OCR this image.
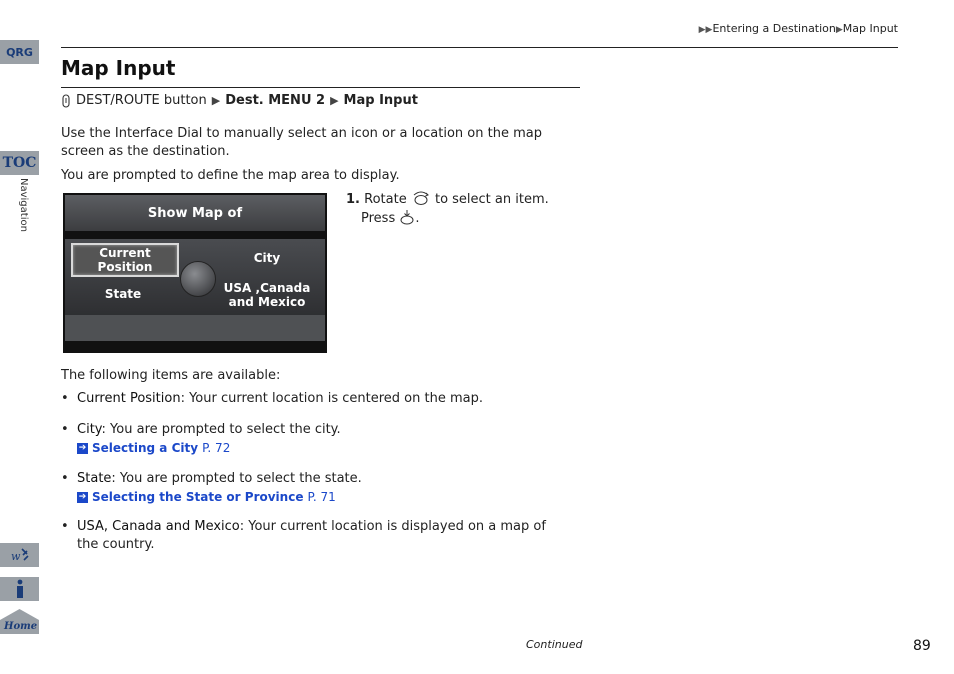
QRG
TOC
Navigation
w
Home
▶▶Entering a Destination▶Map Input
Map Input
DEST/ROUTE button ▶ Dest. MENU 2 ▶ Map Input
Use the Interface Dial to manually select an icon or a location on the map screen as the destination.
You are prompted to define the map area to display.
Show Map of
Current Position
City
State	USA ,Canada
and Mexico
1. Rotate to select an item.
Press .
The following items are available:
• Current Position: Your current location is centered on the map.
• City: You are prompted to select the city.
➔ Selecting a City P. 72
• State: You are prompted to select the state.
➔ Selecting the State or Province P. 71
• USA, Canada and Mexico: Your current location is displayed on a map of the country.
Continued	89
